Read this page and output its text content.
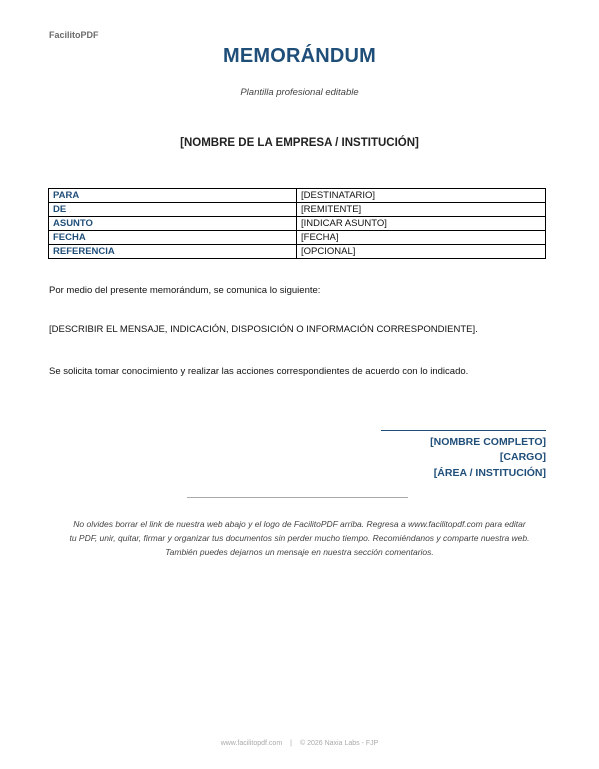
FacilitoPDF
MEMORÁNDUM
Plantilla profesional editable
[NOMBRE DE LA EMPRESA / INSTITUCIÓN]
PARA	[DESTINATARIO]
DE	[REMITENTE]
ASUNTO	[INDICAR ASUNTO]
FECHA	[FECHA]
REFERENCIA	[OPCIONAL]
Por medio del presente memorándum, se comunica lo siguiente:
[DESCRIBIR EL MENSAJE, INDICACIÓN, DISPOSICIÓN O INFORMACIÓN CORRESPONDIENTE].
Se solicita tomar conocimiento y realizar las acciones correspondientes de acuerdo con lo indicado.
[NOMBRE COMPLETO]
[CARGO]
[ÁREA / INSTITUCIÓN]
No olvides borrar el link de nuestra web abajo y el logo de FacilitoPDF arriba. Regresa a www.facilitopdf.com para editar
tu PDF, unir, quitar, firmar y organizar tus documentos sin perder mucho tiempo. Recomiéndanos y comparte nuestra web.
También puedes dejarnos un mensaje en nuestra sección comentarios.
www.facilitopdf.com | © 2026 Naxia Labs - FJP
